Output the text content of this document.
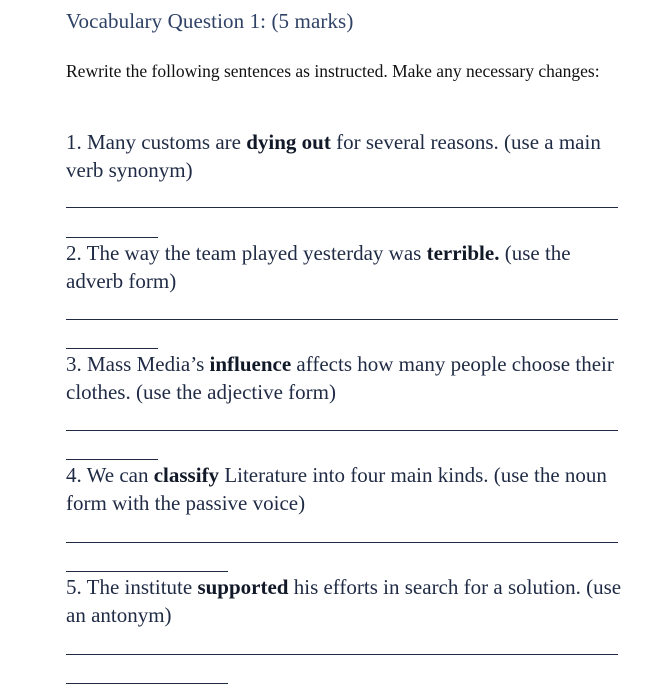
Vocabulary Question 1: (5 marks)
Rewrite the following sentences as instructed. Make any necessary changes:
1. Many customs are dying out for several reasons. (use a main verb synonym)
2. The way the team played yesterday was terrible. (use the adverb form)
3. Mass Media’s influence affects how many people choose their clothes. (use the adjective form)
4. We can classify Literature into four main kinds. (use the noun form with the passive voice)
5. The institute supported his efforts in search for a solution. (use an antonym)
